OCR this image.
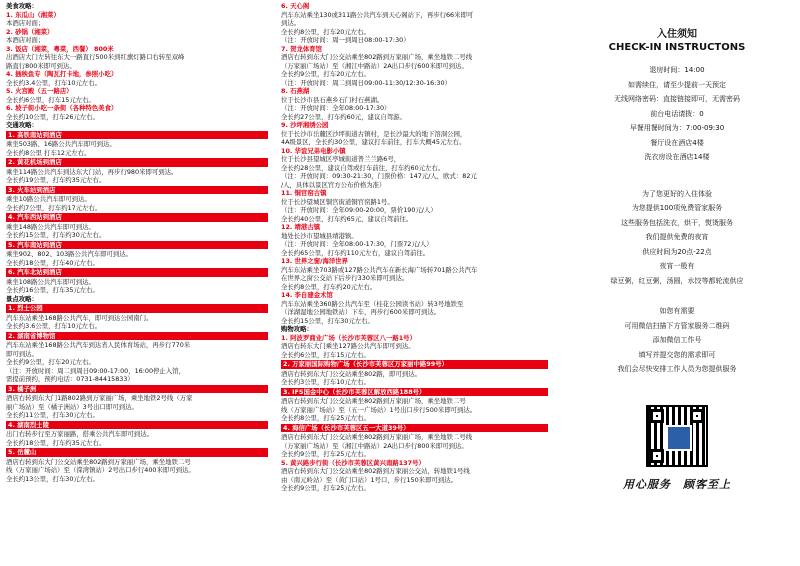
美食攻略：
1. 东瓜山（湘菜）
本酒店对面；
2. 砂锅（湘菜）
本酒店对面；
3. 饭店（湘菜，粤菜，西餐） 800米
出酒店大门左转往东大一路直行500米到红旗灯路口右转至双峰
路直行800米即可到达。
4. 插秧鱼专（陶瓦打卡地，参照小吃）
全长约3.4公里，打车10元左右。
5. 火宫殿（五一路店）
全长约6公里，打车15元左右。
6. 坡子街小吃一条街（各种特色美食）
全长约10公里，打车26元左右。
交通攻略：
1. 高铁南站到酒店
乘坐503路、16路公共汽车即可到达。
全长约8公里 打车12元左右。
2. 黄花机场到酒店
乘坐114路公共汽车到达东大门站，再步行980米即可到达。
全长约19公里，打车约35元左右。
3. 火车站到酒店
乘坐10路公共汽车即可到达。
全长约7公里，打车约17元左右。
4. 汽车西站到酒店
乘坐148路公共汽车即可到达。
全长约15公里，打车约30元左右。
5. 汽车南站到酒店
乘坐902、802、103路公共汽车即可到达。
全长约18公里，打车40元左右。
6. 汽车北站到酒店
乘坐108路公共汽车即可到达。
全长约16公里，打车35元左右。
景点攻略：
1. 烈士公园
汽车东站乘坐168路公共汽车，即可到达公园南门。
全长约3.6公里，打车10元左右。
2. 湖南省博物馆
汽车东站乘坐168路公共汽车到达省人民体育场站，再步行770米
即可到达。
全长约9公里，打车20元左右。
（注：开放时间：周二到周日09:00-17:00，16:00停止入馆，
需提前预约，预约电话：0731-84415833）
3. 橘子洲
酒店右转到东大门1路802路到万家丽广场，乘坐地铁2号线（万家
丽广场站）至（橘子洲站）3号出口即可到达。
全长约11公里，打车30元左右。
4. 湖南烈士陵
出门右转步行至万家丽路，搭乘公共汽车即可到达。
全长约18公里，打车约35元左右。
5. 岳麓山
酒店右转到东大门公交站乘坐802路到万家丽广场，乘坐地铁二号
线（万家丽广场站）至（溁湾镇站）2号出口步行400米即可到达。
全长约13公里，打车30元左右。
6. 天心阁
汽车东站乘坐130或311路公共汽车到天心阁站下，再步行66米即可
到达。
全长约8公里，打车20元左右。
（注：开放时间：周一到周日08:00-17:30）
7. 贺龙体育馆
酒店右转到东大门公交站乘坐802路到万家丽广场，乘坐地铁二号线
（万家丽广场站）至（湘江中路站）2A出口步行600米即可到达。
全长约9公里，打车20元左右。
（注：开放时间：周二到周日09:00-11:30/12:30-16:30）
8. 石燕湖
位于长沙市县石燕乡石门村石燕湖。
（注：开放时间：全年08:00-17:30）
全长约27公里，打车约60元，建议自驾游。
9. 沙坪湘绣公园
位于长沙市岳麓区沙坪街道古镇村，是长沙最大的地下溶洞公园，
4A级景区，全长约30公里，建议打车前往，打车大概45元左右。
10. 华谊兄弟电影小镇
位于长沙县望城区亭城街道普兰兰路6号，
全长约28公里，建议自驾或打车前往，打车约60元左右。
（注：开放时间：09:30-21:30，门票价格：147元/人，欧式：82元
/人，具体以景区官方公布价格为准）
11. 铜官窑古镇
位于长沙望城区铜官街道铜官窑路1号。
（注：开放时间：全年09:00-20:00，票价190元/人）
全长约40公里，打车约65元，建议自驾前往。
12. 靖港古镇
地处长沙市望城县靖港镇。
（注：开放时间：全年08:00-17:30，门票72元/人）
全长约65公里，打车约110元左右，建议自驾前往。
13. 世界之窗/海洋世界
汽车东站乘坐703路或127路公共汽车在新长海广场转701路公共汽车
在世界之窗公交站下后步行330米即可到达。
全长约8公里，打车约20元左右。
14. 李自建金术馆
汽车东站乘坐360路公共汽车至（桂花公园读书站）转3号地铁至
（洋湖湿地公园地铁站）下车，再步行600米即可到达。
全长约15公里，打车30元左右。
购物攻略：
1. 阿波罗商业广场（长沙市芙蓉区八一路1号）
酒店右转东大门乘坐127路公共汽车即可到达。
全长约6公里，打车15元左右。
2. 万家丽国际购物广场（长沙市芙蓉区万家丽中路99号）
酒店右转到东大门公交站乘坐802路，即可到达。
全长约3公里，打车10元左右。
3. IFS国金中心（长沙市芙蓉区解放西路188号）
酒店右转到东大门公交站乘坐802路到万家丽广场，乘坐地铁二号
线（万家丽广场站）至（五一广场站）1号出口步行500米即可到达。
全长约8公里，打车25元左右。
4. 海信广场（长沙市芙蓉区五一大道39号）
酒店右转到东大门公交站乘坐802路到万家丽广场，乘坐地铁二号线
（万家丽广场站）至（湘江中路站）2A出口步行800米即可到达。
全长约9公里，打车25元左右。
5. 黄兴路步行街（长沙市芙蓉区黄兴南路137号）
酒店右转到东大门公交站乘坐802路到万家丽公交站，转地铁1号线
由（南元岭站）至（黄门口站）1号口，步行150米即可到达。
全长约9公里，打车25元左右。
入住须知
CHECK-IN INSTRUCTONS
退房时间：14:00
如需续住，请至少提前一天预定
无线网络密码：直接链接即可，无需密码
前台电话请拨：0
早餐用餐时间为：7:00-09:30
餐厅设在酒店4楼
洗衣房设在酒店14楼
为了您更好的入住体验
为您提供100项免费管家服务
这些服务包括洗衣，烘干，熨烫服务
我们提供免费的夜宵
供应时间为20点-22点
夜宵一般有
绿豆粥，红豆粥，汤圆，水饺等都轮流供应
如您有需要
可用微信扫描下方管家服务二维码
添加微信工作号
填写并提交您的需求即可
我们会尽快安排工作人员为您提供服务
用心服务　顾客至上
